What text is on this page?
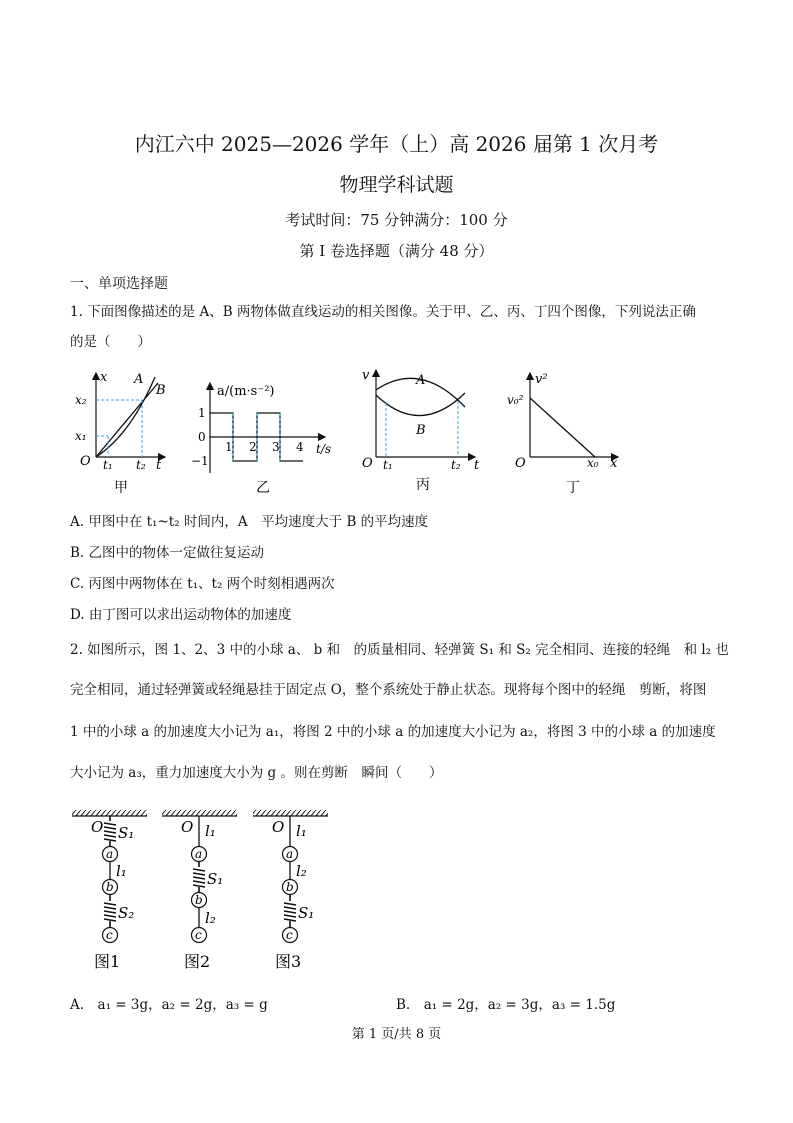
内江六中 2025—2026 学年（上）高 2026 届第 1 次月考
物理学科试题
考试时间：75 分钟满分：100 分
第 I 卷选择题（满分 48 分）
一、单项选择题
1. 下面图像描述的是 A、B 两物体做直线运动的相关图像。关于甲、乙、丙、丁四个图像，下列说法正确
的是（　　）
x A
B
x₂
x₁
O t₁ t₂ t
甲
a/(m·s⁻²)
1
0
−1
1 2 3 4 t/s
乙
v	A
B
O t₁	t₂ t
丙
v²
v₀²
O	x₀ x
丁
A. 甲图中在 t₁~t₂ 时间内，A　平均速度大于 B 的平均速度
B. 乙图中的物体一定做往复运动
C. 丙图中两物体在 t₁、t₂ 两个时刻相遇两次
D. 由丁图可以求出运动物体的加速度
2. 如图所示，图 1、2、3 中的小球 a、 b 和　的质量相同、轻弹簧 S₁ 和 S₂ 完全相同、连接的轻绳　和 l₂ 也
完全相同，通过轻弹簧或轻绳悬挂于固定点 O，整个系统处于静止状态。现将每个图中的轻绳　剪断，将图
1 中的小球 a 的加速度大小记为 a₁，将图 2 中的小球 a 的加速度大小记为 a₂，将图 3 中的小球 a 的加速度
大小记为 a₃，重力加速度大小为 g 。则在剪断　瞬间（　　）
O S₁
a
l₁
b
S₂
c
图1
O l₁
a
S₁
b
l₂
c
图2
O l₁
a
l₂
b
S₁
c
图3
A.　a₁ = 3g，a₂ = 2g，a₃ = g	B.　a₁ = 2g，a₂ = 3g，a₃ = 1.5g
第 1 页/共 8 页
